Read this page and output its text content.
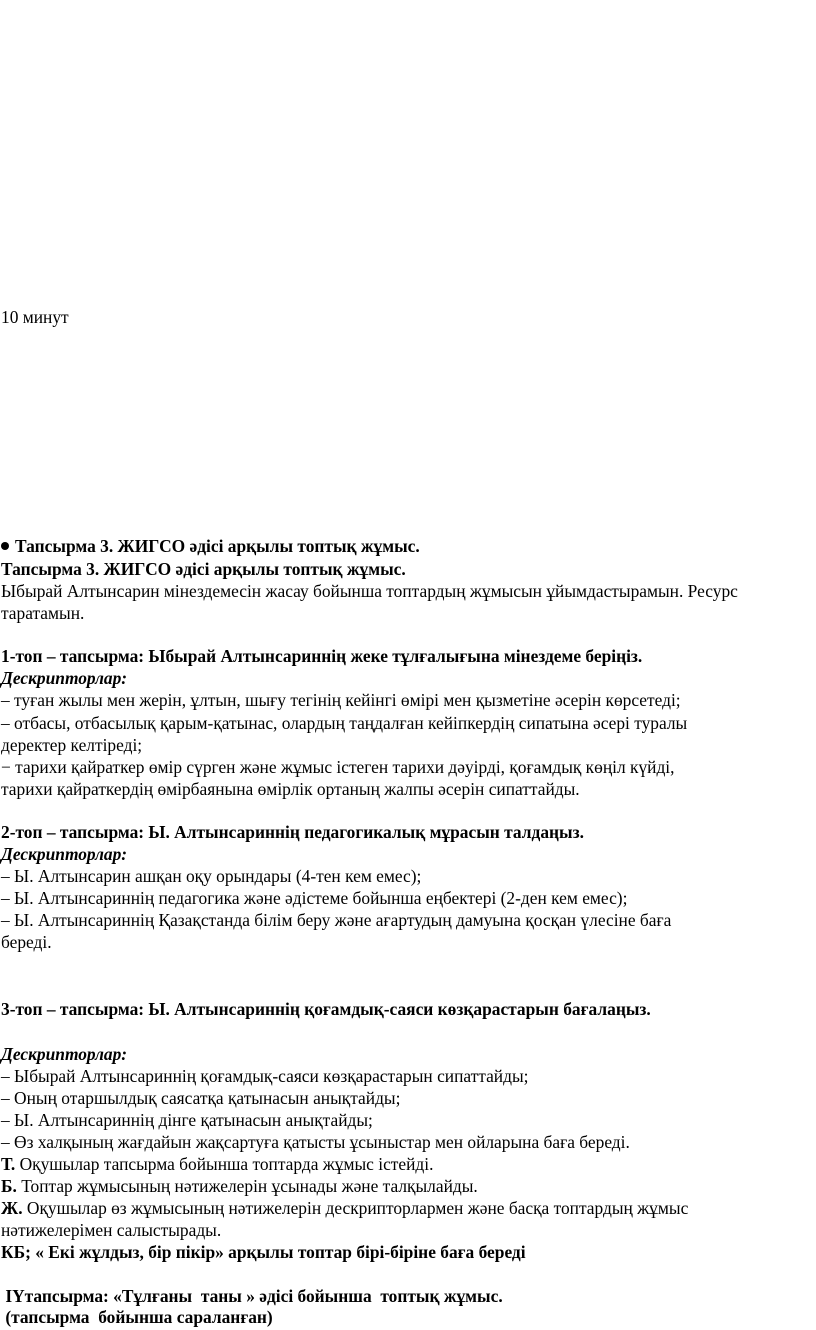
10 минут
Тапсырма 3. ЖИГСО әдісі арқылы топтық жұмыс.
Тапсырма 3. ЖИГСО әдісі арқылы топтық жұмыс.
Ыбырай Алтынсарин мінездемесін жасау бойынша топтардың жұмысын ұйымдастырамын. Ресурс
таратамын.
1-топ – тапсырма: Ыбырай Алтынсариннің жеке тұлғалығына мінездеме беріңіз.
Дескрипторлар:
– туған жылы мен жерін, ұлтын, шығу тегінің кейінгі өмірі мен қызметіне әсерін көрсетеді;
– отбасы, отбасылық қарым-қатынас, олардың таңдалған кейіпкердің сипатына әсері туралы
деректер келтіреді;
− тарихи қайраткер өмір сүрген және жұмыс істеген тарихи дәуірді, қоғамдық көңіл күйді,
тарихи қайраткердің өмірбаянына өмірлік ортаның жалпы әсерін сипаттайды.
2-топ – тапсырма: Ы. Алтынсариннің педагогикалық мұрасын талдаңыз.
Дескрипторлар:
– Ы. Алтынсарин ашқан оқу орындары (4-тен кем емес);
– Ы. Алтынсариннің педагогика және әдістеме бойынша еңбектері (2-ден кем емес);
– Ы. Алтынсариннің Қазақстанда білім беру және ағартудың дамуына қосқан үлесіне баға
береді.
3-топ – тапсырма: Ы. Алтынсариннің қоғамдық-саяси көзқарастарын бағалаңыз.
Дескрипторлар:
– Ыбырай Алтынсариннің қоғамдық-саяси көзқарастарын сипаттайды;
– Оның отаршылдық саясатқа қатынасын анықтайды;
– Ы. Алтынсариннің дінге қатынасын анықтайды;
– Өз халқының жағдайын жақсартуға қатысты ұсыныстар мен ойларына баға береді.
Т. Оқушылар тапсырма бойынша топтарда жұмыс істейді.
Б. Топтар жұмысының нәтижелерін ұсынады және талқылайды.
Ж. Оқушылар өз жұмысының нәтижелерін дескрипторлармен және басқа топтардың жұмыс
нәтижелерімен салыстырады.
КБ; « Екі жұлдыз, бір пікір» арқылы топтар бірі-біріне баға береді
ІҮтапсырма: «Тұлғаны  таны » әдісі бойынша  топтық жұмыс.
(тапсырма  бойынша сараланған)
